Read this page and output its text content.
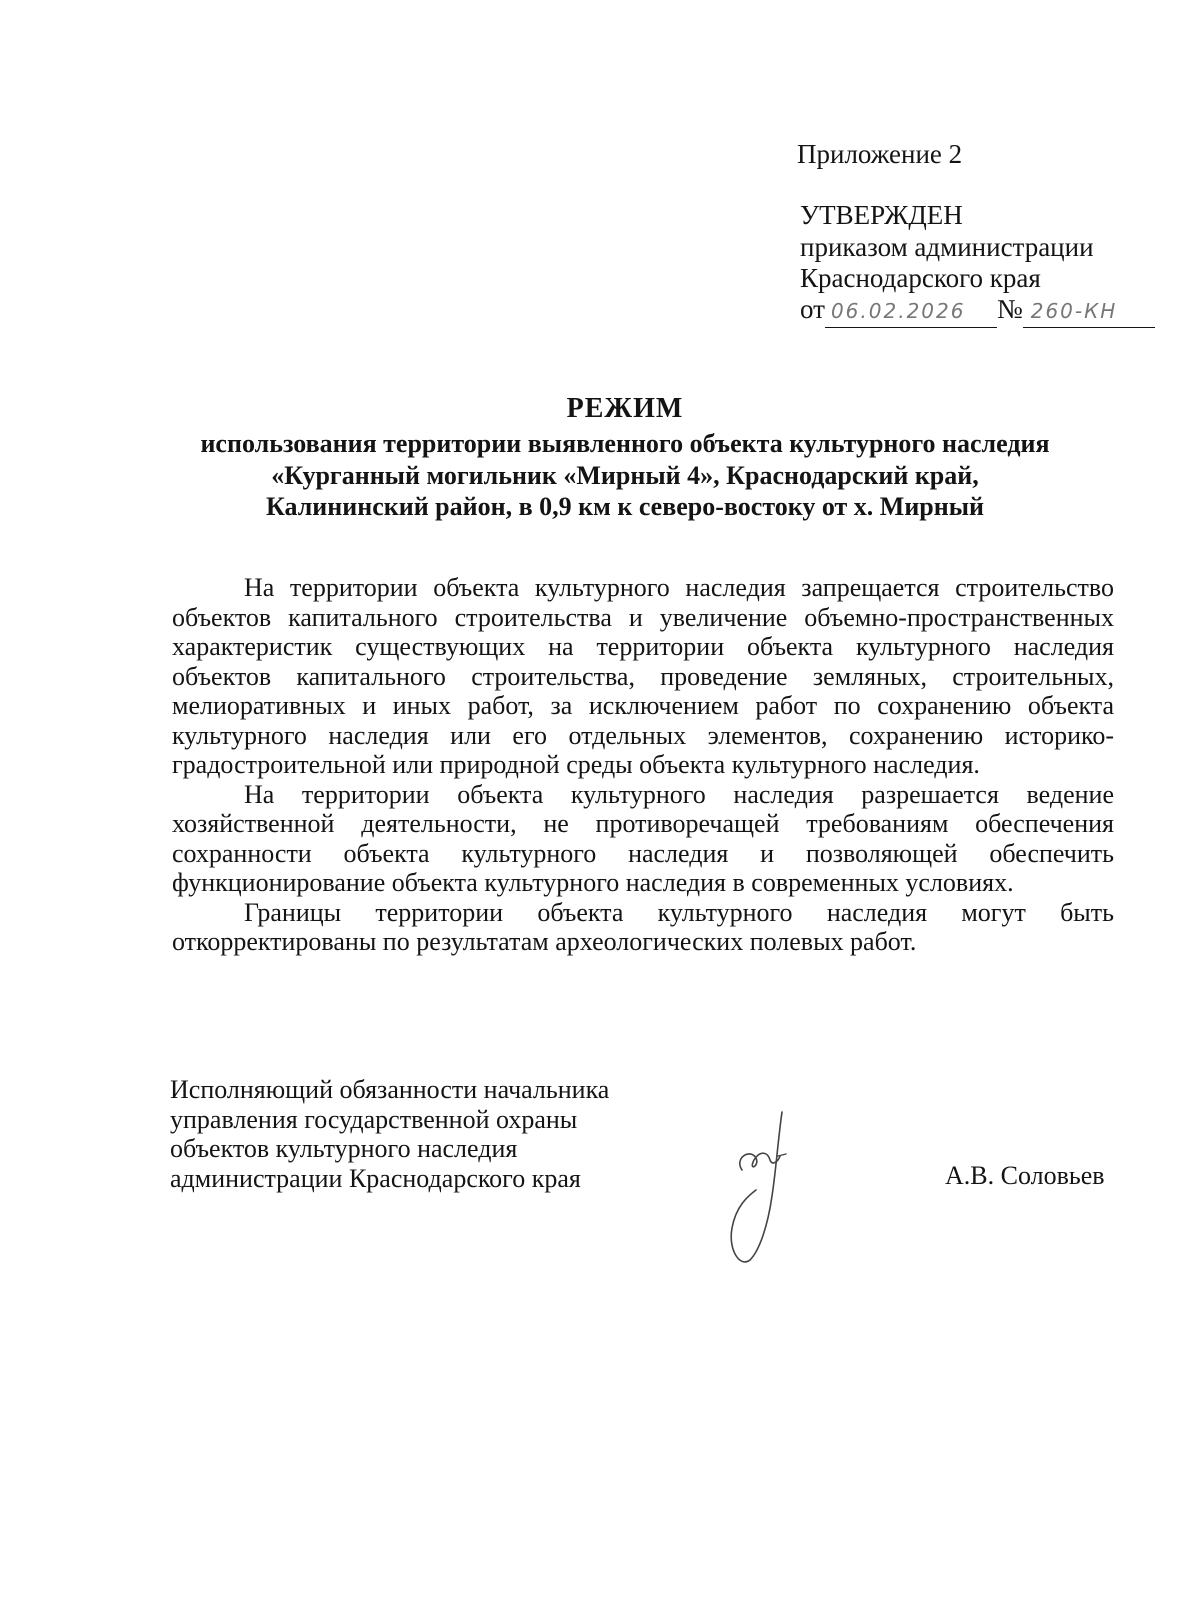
Приложение 2
УТВЕРЖДЕН
приказом администрации
Краснодарского края
от 06.02.2026 № 260-КН
РЕЖИМ
использования территории выявленного объекта культурного наследия
«Курганный могильник «Мирный 4», Краснодарский край,
Калининский район, в 0,9 км к северо-востоку от х. Мирный

На территории объекта культурного наследия запрещается строительство объектов капитального строительства и увеличение объемно-пространственных характеристик существующих на территории объекта культурного наследия объектов капитального строительства, проведение земляных, строительных, мелиоративных и иных работ, за исключением работ по сохранению объекта культурного наследия или его отдельных элементов, сохранению историко-градостроительной или природной среды объекта культурного наследия.

На территории объекта культурного наследия разрешается ведение хозяйственной деятельности, не противоречащей требованиям обеспечения сохранности объекта культурного наследия и позволяющей обеспечить функционирование объекта культурного наследия в современных условиях.

Границы территории объекта культурного наследия могут быть откорректированы по результатам археологических полевых работ.

Исполняющий обязанности начальника
управления государственной охраны
объектов культурного наследия
администрации Краснодарского края	А.В. Соловьев
